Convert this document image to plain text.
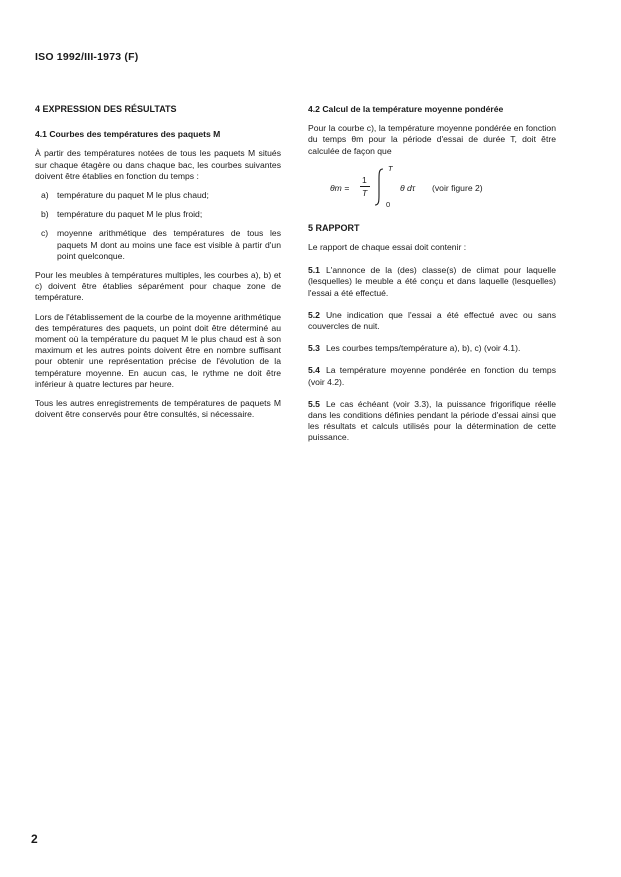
ISO 1992/III-1973 (F)
4 EXPRESSION DES RÉSULTATS
4.1 Courbes des températures des paquets M

À partir des températures notées de tous les paquets M situés sur chaque étagère ou dans chaque bac, les courbes suivantes doivent être établies en fonction du temps :

a) température du paquet M le plus chaud;
b) température du paquet M le plus froid;
c)	moyenne arithmétique des températures de tous les paquets M dont au moins une face est visible à partir d'un point quelconque.

Pour les meubles à températures multiples, les courbes a), b) et c) doivent être établies séparément pour chaque zone de température.

Lors de l'établissement de la courbe de la moyenne arithmétique des températures des paquets, un point doit être déterminé au moment où la température du paquet M le plus chaud est à son maximum et les autres points doivent être en nombre suffisant pour obtenir une représentation précise de l'évolution de la température moyenne. En aucun cas, le rythme ne doit être inférieur à quatre lectures par heure.

Tous les autres enregistrements de températures de paquets M doivent être conservés pour être consultés, si nécessaire.

4.2 Calcul de la température moyenne pondérée

Pour la courbe c), la température moyenne pondérée en fonction du temps θm pour la période d'essai de durée T, doit être calculée de façon que

θm =
1
T
T
0
θ dτ (voir figure 2)
5 RAPPORT

Le rapport de chaque essai doit contenir :

5.1 L'annonce de la (des) classe(s) de climat pour laquelle (lesquelles) le meuble a été conçu et dans laquelle (lesquelles) l'essai a été effectué.

5.2 Une indication que l'essai a été effectué avec ou sans couvercles de nuit.

5.3 Les courbes temps/température a), b), c) (voir 4.1).

5.4 La température moyenne pondérée en fonction du temps (voir 4.2).

5.5 Le cas échéant (voir 3.3), la puissance frigorifique réelle dans les conditions définies pendant la période d'essai ainsi que les résultats et calculs utilisés pour la détermination de cette puissance.

2
